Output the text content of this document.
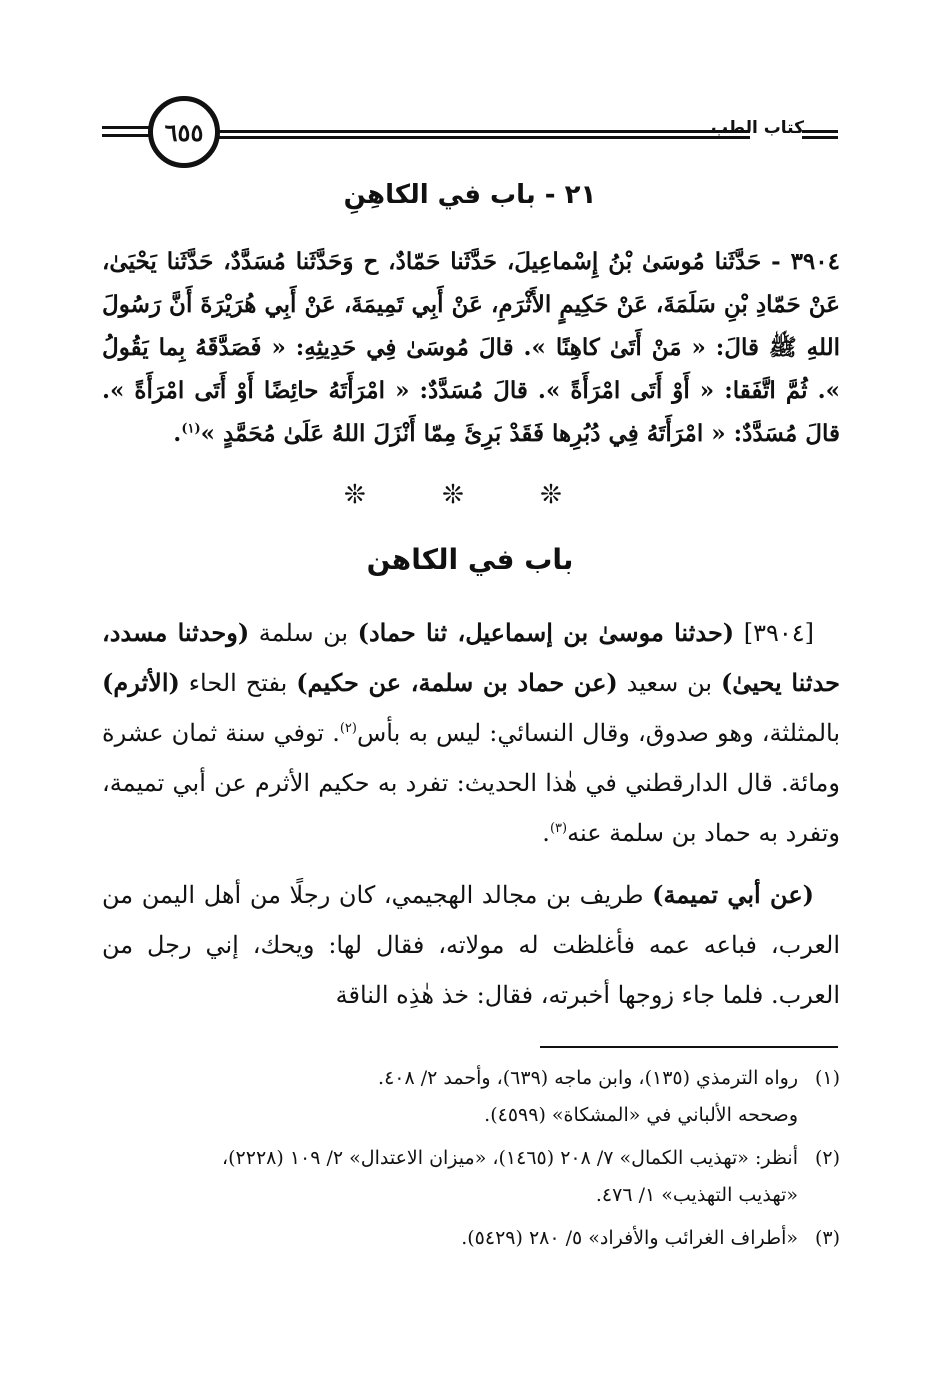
٦٥٥	كتاب الطب
٢١ - باب في الكاهِنِ
٣٩٠٤ - حَدَّثَنا مُوسَىٰ بْنُ إِسْماعِيلَ، حَدَّثَنا حَمّادٌ، ح وَحَدَّثَنا مُسَدَّدٌ، حَدَّثَنا يَحْيَىٰ، عَنْ حَمّادِ بْنِ سَلَمَةَ، عَنْ حَكِيمٍ الأَثْرَمِ، عَنْ أَبِي تَمِيمَةَ، عَنْ أَبِي هُرَيْرَةَ أَنَّ رَسُولَ اللهِ ﷺ قالَ: « مَنْ أَتَىٰ كاهِنًا ». قالَ مُوسَىٰ فِي حَدِيثِهِ: « فَصَدَّقَهُ بِما يَقُولُ ». ثُمَّ اتَّفَقا: « أَوْ أَتَى امْرَأَةً ». قالَ مُسَدَّدٌ: « امْرَأَتَهُ حائِضًا أَوْ أَتَى امْرَأَةً ». قالَ مُسَدَّدٌ: « امْرَأَتَهُ فِي دُبُرِها فَقَدْ بَرِئَ مِمّا أَنْزَلَ اللهُ عَلَىٰ مُحَمَّدٍ »$^{(١)}$.
❊ ❊ ❊
باب في الكاهن

[٣٩٠٤] (حدثنا موسىٰ بن إسماعيل، ثنا حماد) بن سلمة (وحدثنا مسدد، حدثنا يحيىٰ) بن سعيد (عن حماد بن سلمة، عن حكيم) بفتح الحاء (الأثرم) بالمثلثة، وهو صدوق، وقال النسائي: ليس به بأس$^{(٢)}$. توفي سنة ثمان عشرة ومائة. قال الدارقطني في هٰذا الحديث: تفرد به حكيم الأثرم عن أبي تميمة، وتفرد به حماد بن سلمة عنه$^{(٣)}$.

(عن أبي تميمة) طريف بن مجالد الهجيمي، كان رجلًا من أهل اليمن من العرب، فباعه عمه فأغلظت له مولاته، فقال لها: ويحك، إني رجل من العرب. فلما جاء زوجها أخبرته، فقال: خذ هٰذِه الناقة

(١)
رواه الترمذي (١٣٥)، وابن ماجه (٦٣٩)، وأحمد ٢/ ٤٠٨.
وصححه الألباني في «المشكاة» (٤٥٩٩).
(٢)
أنظر: «تهذيب الكمال» ٧/ ٢٠٨ (١٤٦٥)، «ميزان الاعتدال» ٢/ ١٠٩ (٢٢٢٨)،
«تهذيب التهذيب» ١/ ٤٧٦.
(٣)
«أطراف الغرائب والأفراد» ٥/ ٢٨٠ (٥٤٢٩).
